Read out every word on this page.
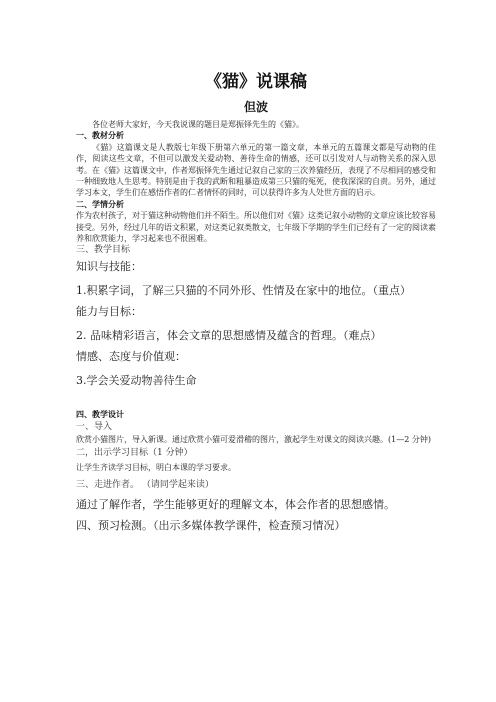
《猫》说课稿
但波

各位老师大家好，今天我说课的题目是郑振铎先生的《猫》。

一、教材分析

《猫》这篇课文是人教版七年级下册第六单元的第一篇文章，本单元的五篇课文都是写动物的佳作，阅读这些文章，不但可以激发关爱动物、善待生命的情感，还可以引发对人与动物关系的深入思考。在《猫》这篇课文中，作者郑振铎先生通过记叙自己家的三次养猫经历，表现了不尽相同的感受和一种细致地人生思考。特别是由于我的武断和粗暴造成第三只猫的冤死，使我深深的自责。另外，通过学习本文，学生们在感悟作者的仁者情怀的同时，可以获得许多为人处世方面的启示。

二、学情分析

作为农村孩子，对于猫这种动物他们并不陌生。所以他们对《猫》这类记叙小动物的文章应该比较容易接受。另外，经过几年的语文积累，对这类记叙类散文，七年级下学期的学生们已经有了一定的阅读素养和欣赏能力，学习起来也不很困难。

三、教学目标
知识与技能：
1.积累字词，了解三只猫的不同外形、性情及在家中的地位。（重点）
能力与目标：
2. 品味精彩语言，体会文章的思想感情及蕴含的哲理。（难点）
情感、态度与价值观：
3.学会关爱动物善待生命
四、教学设计
一、导入

欣赏小猫图片，导入新课。通过欣赏小猫可爱滑稽的图片，激起学生对课文的阅读兴趣。(1—2 分钟)

二，出示学习目标（1 分钟）

让学生齐读学习目标，明白本课的学习要求。

三、走进作者。 （请同学起来读）
通过了解作者，学生能够更好的理解文本，体会作者的思想感情。
四、预习检测。（出示多媒体教学课件，检查预习情况）
